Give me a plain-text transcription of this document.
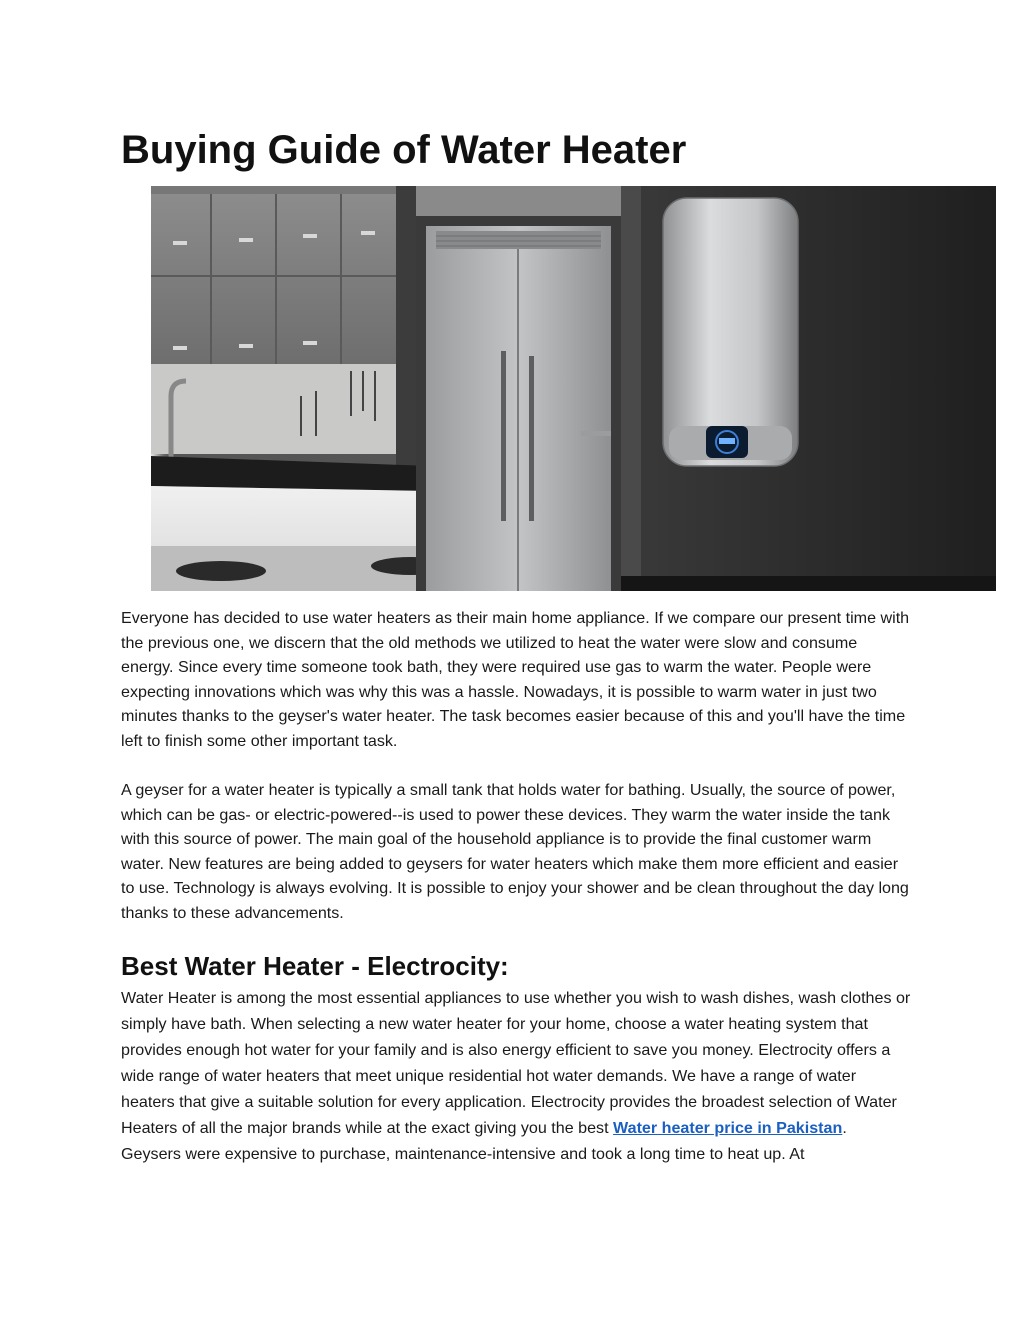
Buying Guide of Water Heater

Everyone has decided to use water heaters as their main home appliance. If we compare our present time with the previous one, we discern that the old methods we utilized to heat the water were slow and consume energy. Since every time someone took bath, they were required use gas to warm the water. People were expecting innovations which was why this was a hassle. Nowadays, it is possible to warm water in just two minutes thanks to the geyser's water heater. The task becomes easier because of this and you'll have the time left to finish some other important task.

A geyser for a water heater is typically a small tank that holds water for bathing. Usually, the source of power, which can be gas- or electric-powered--is used to power these devices. They warm the water inside the tank with this source of power. The main goal of the household appliance is to provide the final customer warm water. New features are being added to geysers for water heaters which make them more efficient and easier to use. Technology is always evolving. It is possible to enjoy your shower and be clean throughout the day long thanks to these advancements.

Best Water Heater - Electrocity:

Water Heater is among the most essential appliances to use whether you wish to wash dishes, wash clothes or simply have bath. When selecting a new water heater for your home, choose a water heating system that provides enough hot water for your family and is also energy efficient to save you money. Electrocity offers a wide range of water heaters that meet unique residential hot water demands. We have a range of water heaters that give a suitable solution for every application. Electrocity provides the broadest selection of Water Heaters of all the major brands while at the exact giving you the best Water heater price in Pakistan. Geysers were expensive to purchase, maintenance-intensive and took a long time to heat up. At
